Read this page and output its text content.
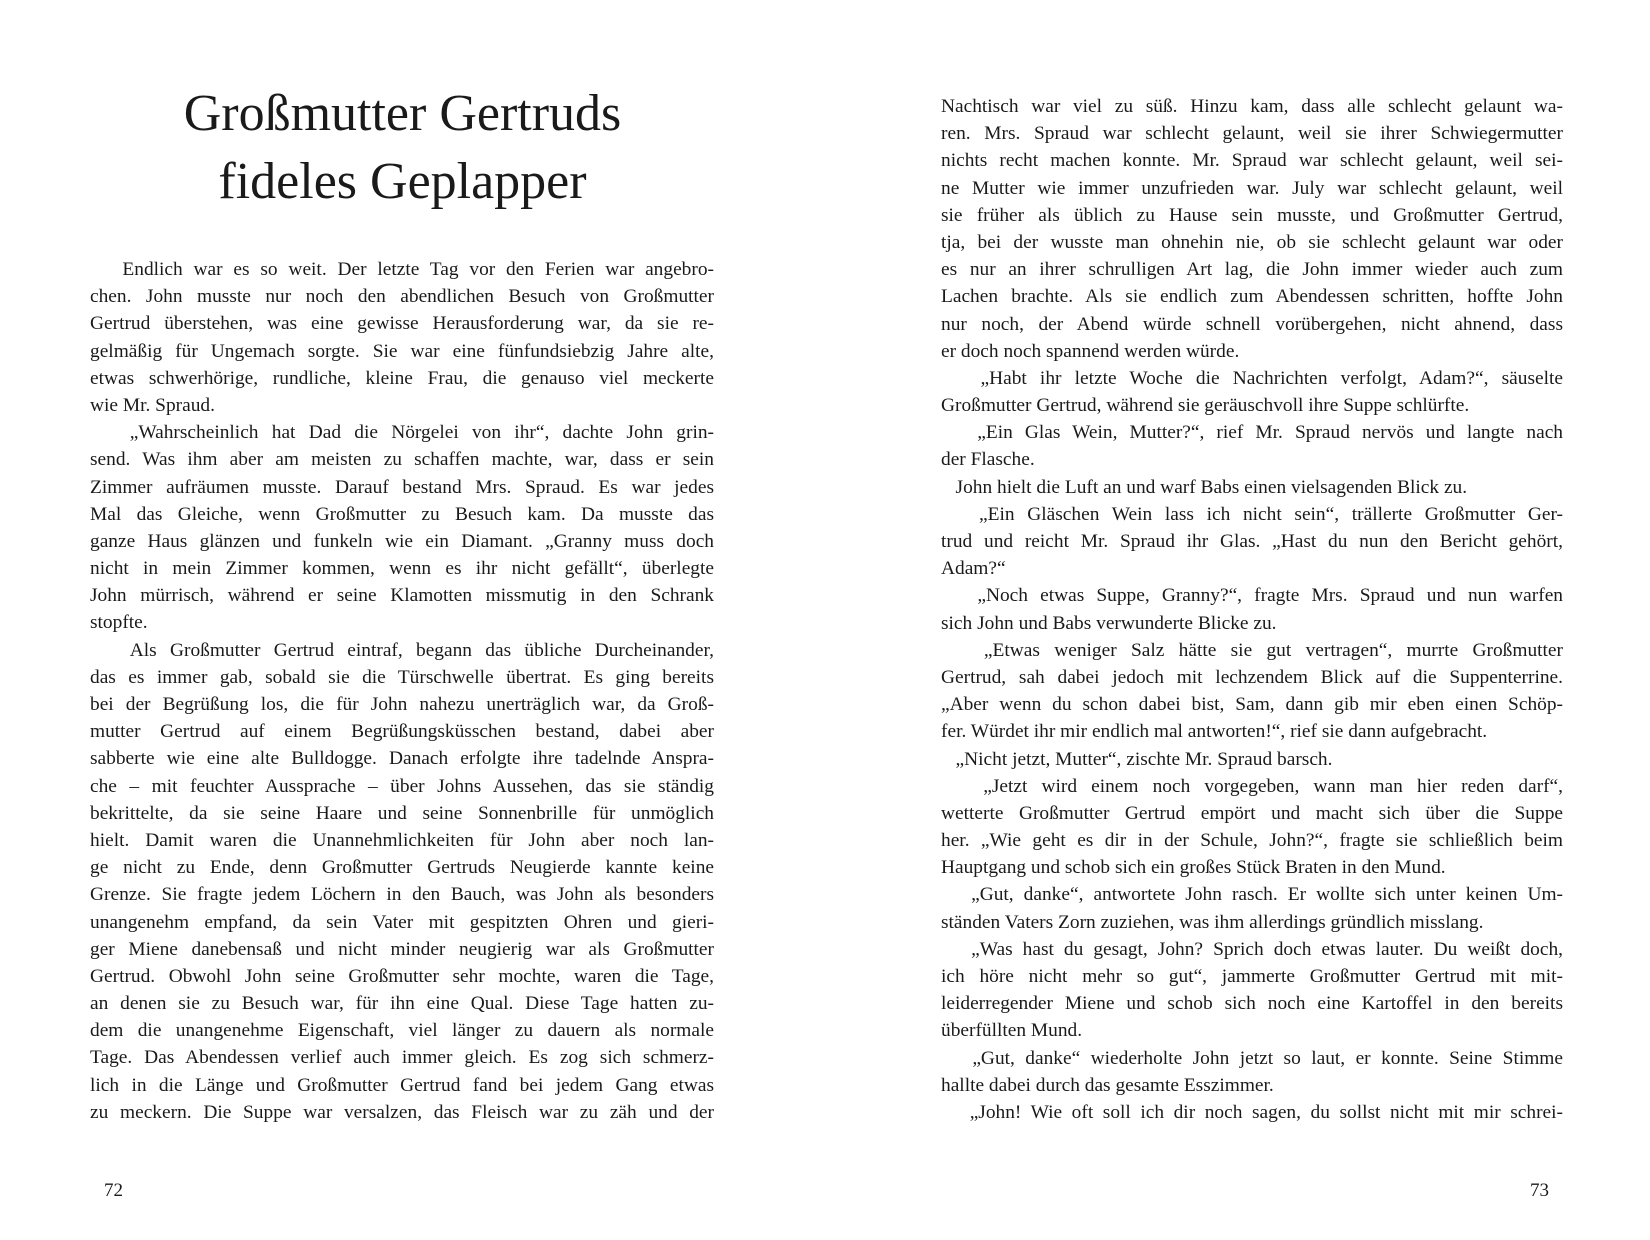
Großmutter Gertruds
fideles Geplapper
Endlich war es so weit. Der letzte Tag vor den Ferien war angebro-
chen. John musste nur noch den abendlichen Besuch von Großmutter
Gertrud überstehen, was eine gewisse Herausforderung war, da sie re-
gelmäßig für Ungemach sorgte. Sie war eine fünfundsiebzig Jahre alte,
etwas schwerhörige, rundliche, kleine Frau, die genauso viel meckerte
wie Mr. Spraud.
„Wahrscheinlich hat Dad die Nörgelei von ihr“, dachte John grin-
send. Was ihm aber am meisten zu schaffen machte, war, dass er sein
Zimmer aufräumen musste. Darauf bestand Mrs. Spraud. Es war jedes
Mal das Gleiche, wenn Großmutter zu Besuch kam. Da musste das
ganze Haus glänzen und funkeln wie ein Diamant. „Granny muss doch
nicht in mein Zimmer kommen, wenn es ihr nicht gefällt“, überlegte
John mürrisch, während er seine Klamotten missmutig in den Schrank
stopfte.
Als Großmutter Gertrud eintraf, begann das übliche Durcheinander,
das es immer gab, sobald sie die Türschwelle übertrat. Es ging bereits
bei der Begrüßung los, die für John nahezu unerträglich war, da Groß-
mutter Gertrud auf einem Begrüßungsküsschen bestand, dabei aber
sabberte wie eine alte Bulldogge. Danach erfolgte ihre tadelnde Anspra-
che – mit feuchter Aussprache – über Johns Aussehen, das sie ständig
bekrittelte, da sie seine Haare und seine Sonnenbrille für unmöglich
hielt. Damit waren die Unannehmlichkeiten für John aber noch lan-
ge nicht zu Ende, denn Großmutter Gertruds Neugierde kannte keine
Grenze. Sie fragte jedem Löchern in den Bauch, was John als besonders
unangenehm empfand, da sein Vater mit gespitzten Ohren und gieri-
ger Miene danebensaß und nicht minder neugierig war als Großmutter
Gertrud. Obwohl John seine Großmutter sehr mochte, waren die Tage,
an denen sie zu Besuch war, für ihn eine Qual. Diese Tage hatten zu-
dem die unangenehme Eigenschaft, viel länger zu dauern als normale
Tage. Das Abendessen verlief auch immer gleich. Es zog sich schmerz-
lich in die Länge und Großmutter Gertrud fand bei jedem Gang etwas
zu meckern. Die Suppe war versalzen, das Fleisch war zu zäh und der
72
Nachtisch war viel zu süß. Hinzu kam, dass alle schlecht gelaunt wa-
ren. Mrs. Spraud war schlecht gelaunt, weil sie ihrer Schwiegermutter
nichts recht machen konnte. Mr. Spraud war schlecht gelaunt, weil sei-
ne Mutter wie immer unzufrieden war. July war schlecht gelaunt, weil
sie früher als üblich zu Hause sein musste, und Großmutter Gertrud,
tja, bei der wusste man ohnehin nie, ob sie schlecht gelaunt war oder
es nur an ihrer schrulligen Art lag, die John immer wieder auch zum
Lachen brachte. Als sie endlich zum Abendessen schritten, hoffte John
nur noch, der Abend würde schnell vorübergehen, nicht ahnend, dass
er doch noch spannend werden würde.
„Habt ihr letzte Woche die Nachrichten verfolgt, Adam?“, säuselte
Großmutter Gertrud, während sie geräuschvoll ihre Suppe schlürfte.
„Ein Glas Wein, Mutter?“, rief Mr. Spraud nervös und langte nach
der Flasche.
John hielt die Luft an und warf Babs einen vielsagenden Blick zu.
„Ein Gläschen Wein lass ich nicht sein“, trällerte Großmutter Ger-
trud und reicht Mr. Spraud ihr Glas. „Hast du nun den Bericht gehört,
Adam?“
„Noch etwas Suppe, Granny?“, fragte Mrs. Spraud und nun warfen
sich John und Babs verwunderte Blicke zu.
„Etwas weniger Salz hätte sie gut vertragen“, murrte Großmutter
Gertrud, sah dabei jedoch mit lechzendem Blick auf die Suppenterrine.
„Aber wenn du schon dabei bist, Sam, dann gib mir eben einen Schöp-
fer. Würdet ihr mir endlich mal antworten!“, rief sie dann aufgebracht.
„Nicht jetzt, Mutter“, zischte Mr. Spraud barsch.
„Jetzt wird einem noch vorgegeben, wann man hier reden darf“,
wetterte Großmutter Gertrud empört und macht sich über die Suppe
her. „Wie geht es dir in der Schule, John?“, fragte sie schließlich beim
Hauptgang und schob sich ein großes Stück Braten in den Mund.
„Gut, danke“, antwortete John rasch. Er wollte sich unter keinen Um-
ständen Vaters Zorn zuziehen, was ihm allerdings gründlich misslang.
„Was hast du gesagt, John? Sprich doch etwas lauter. Du weißt doch,
ich höre nicht mehr so gut“, jammerte Großmutter Gertrud mit mit-
leiderregender Miene und schob sich noch eine Kartoffel in den bereits
überfüllten Mund.
„Gut, danke“ wiederholte John jetzt so laut, er konnte. Seine Stimme
hallte dabei durch das gesamte Esszimmer.
„John! Wie oft soll ich dir noch sagen, du sollst nicht mit mir schrei-
73
